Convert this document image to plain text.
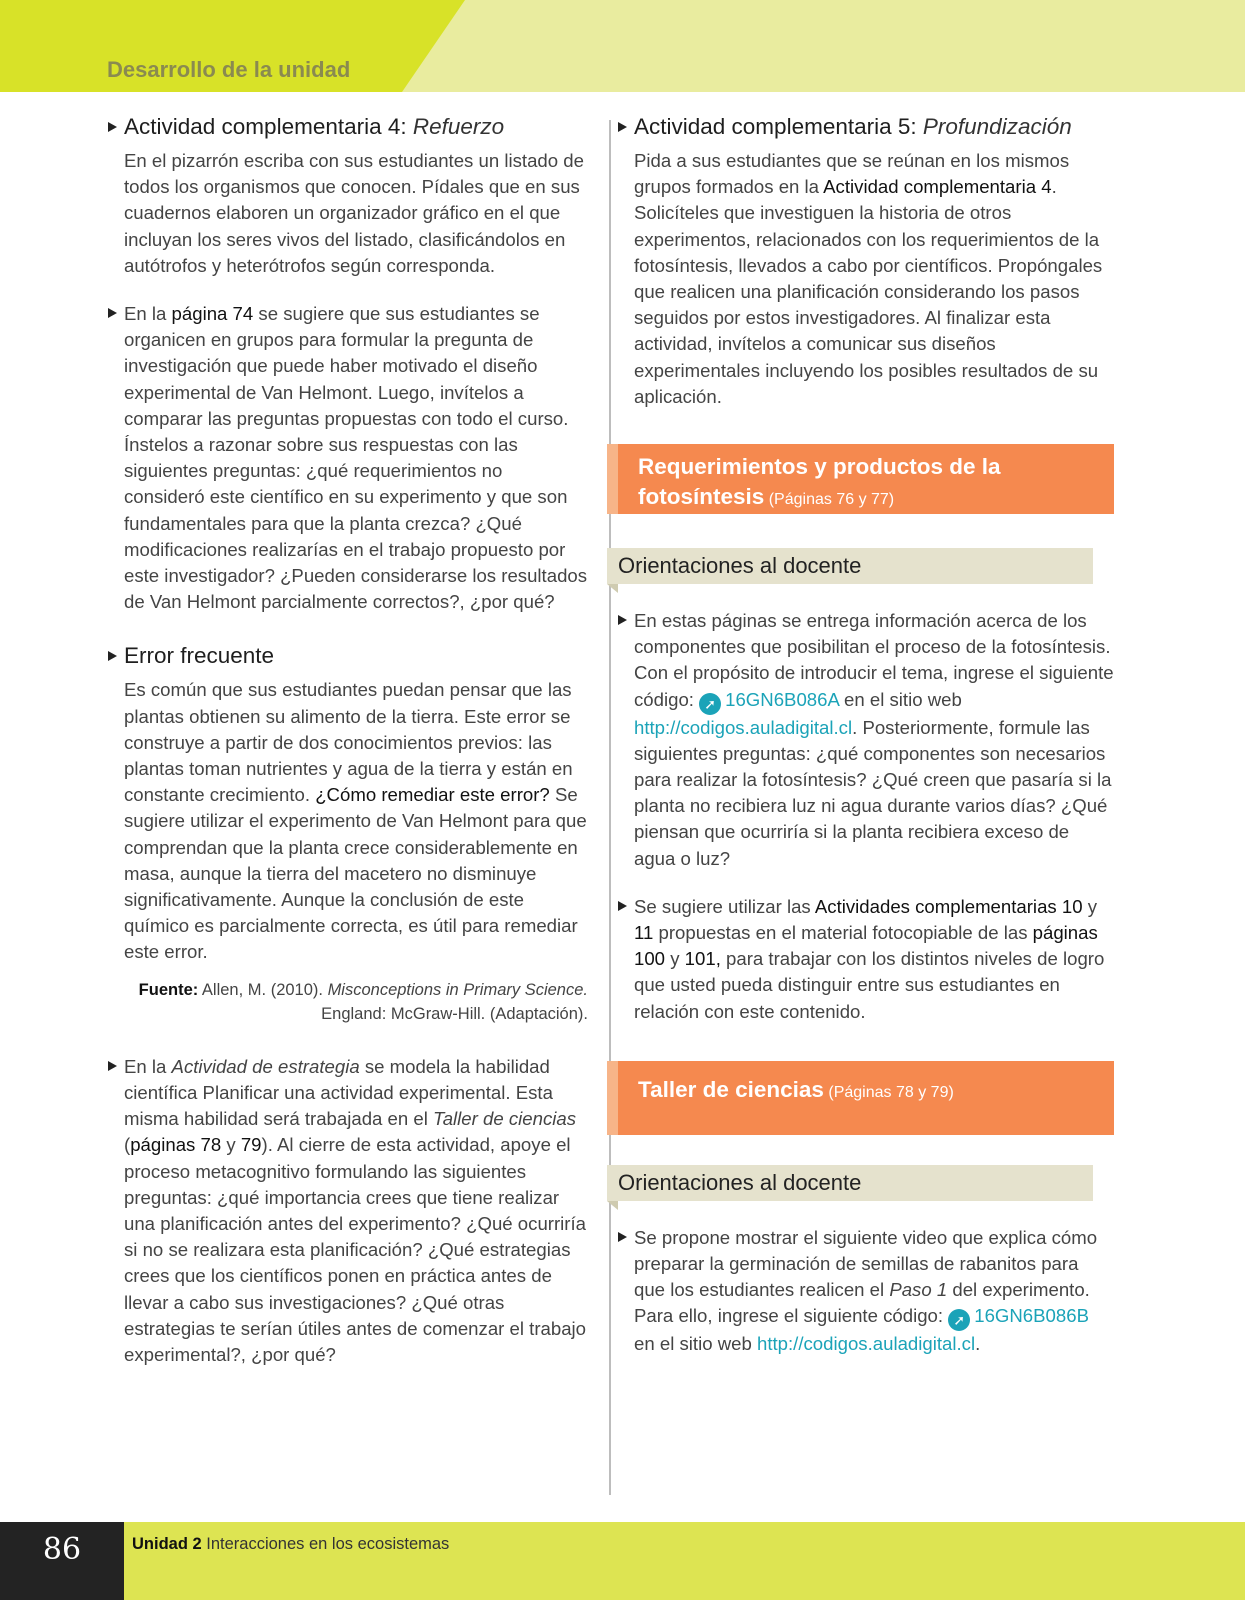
Desarrollo de la unidad
Actividad complementaria 4: Refuerzo

En el pizarrón escriba con sus estudiantes un listado de todos los organismos que conocen. Pídales que en sus cuadernos elaboren un organizador gráfico en el que incluyan los seres vivos del listado, clasificándolos en autótrofos y heterótrofos según corresponda.

En la página 74 se sugiere que sus estudiantes se organicen en grupos para formular la pregunta de investigación que puede haber motivado el diseño experimental de Van Helmont. Luego, invítelos a comparar las preguntas propuestas con todo el curso. Ínstelos a razonar sobre sus respuestas con las siguientes preguntas: ¿qué requerimientos no consideró este científico en su experimento y que son fundamentales para que la planta crezca? ¿Qué modificaciones realizarías en el trabajo propuesto por este investigador? ¿Pueden considerarse los resultados de Van Helmont parcialmente correctos?, ¿por qué?

Error frecuente

Es común que sus estudiantes puedan pensar que las plantas obtienen su alimento de la tierra. Este error se construye a partir de dos conocimientos previos: las plantas toman nutrientes y agua de la tierra y están en constante crecimiento. ¿Cómo remediar este error? Se sugiere utilizar el experimento de Van Helmont para que comprendan que la planta crece considerablemente en masa, aunque la tierra del macetero no disminuye significativamente. Aunque la conclusión de este químico es parcialmente correcta, es útil para remediar este error.

Fuente: Allen, M. (2010). Misconceptions in Primary Science.
England: McGraw-Hill. (Adaptación).

En la Actividad de estrategia se modela la habilidad científica Planificar una actividad experimental. Esta misma habilidad será trabajada en el Taller de ciencias (páginas 78 y 79). Al cierre de esta actividad, apoye el proceso metacognitivo formulando las siguientes preguntas: ¿qué importancia crees que tiene realizar una planificación antes del experimento? ¿Qué ocurriría si no se realizara esta planificación? ¿Qué estrategias crees que los científicos ponen en práctica antes de llevar a cabo sus investigaciones? ¿Qué otras estrategias te serían útiles antes de comenzar el trabajo experimental?, ¿por qué?

Actividad complementaria 5: Profundización

Pida a sus estudiantes que se reúnan en los mismos grupos formados en la Actividad complementaria 4. Solicíteles que investiguen la historia de otros experimentos, relacionados con los requerimientos de la fotosíntesis, llevados a cabo por científicos. Propóngales que realicen una planificación considerando los pasos seguidos por estos investigadores. Al finalizar esta actividad, invítelos a comunicar sus diseños experimentales incluyendo los posibles resultados de su aplicación.

Requerimientos y productos de la
fotosíntesis (Páginas 76 y 77)
Orientaciones al docente

En estas páginas se entrega información acerca de los componentes que posibilitan el proceso de la fotosíntesis. Con el propósito de introducir el tema, ingrese el siguiente código: ➚ 16GN6B086A en el sitio web http://codigos.auladigital.cl. Posteriormente, formule las siguientes preguntas: ¿qué componentes son necesarios para realizar la fotosíntesis? ¿Qué creen que pasaría si la planta no recibiera luz ni agua durante varios días? ¿Qué piensan que ocurriría si la planta recibiera exceso de agua o luz?

Se sugiere utilizar las Actividades complementarias 10 y 11 propuestas en el material fotocopiable de las páginas 100 y 101, para trabajar con los distintos niveles de logro que usted pueda distinguir entre sus estudiantes en relación con este contenido.

Taller de ciencias (Páginas 78 y 79)
Orientaciones al docente

Se propone mostrar el siguiente video que explica cómo preparar la germinación de semillas de rabanitos para que los estudiantes realicen el Paso 1 del experimento. Para ello, ingrese el siguiente código: ➚ 16GN6B086B en el sitio web http://codigos.auladigital.cl.

86	Unidad 2 Interacciones en los ecosistemas
